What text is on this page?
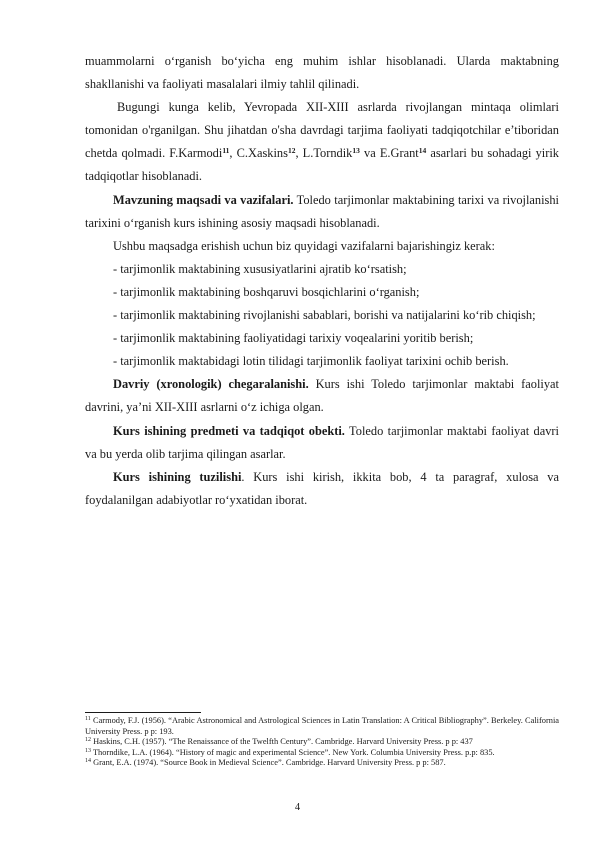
muammolarni o‘rganish bo‘yicha eng muhim ishlar hisoblanadi. Ularda maktabning shakllanishi va faoliyati masalalari ilmiy tahlil qilinadi.

Bugungi kunga kelib, Yevropada XII-XIII asrlarda rivojlangan mintaqa olimlari tomonidan o'rganilgan. Shu jihatdan o'sha davrdagi tarjima faoliyati tadqiqotchilar e’tiboridan chetda qolmadi. F.Karmodi$^{11}$, C.Xaskins$^{12}$, L.Torndik$^{13}$ va E.Grant$^{14}$ asarlari bu sohadagi yirik tadqiqotlar hisoblanadi.

Mavzuning maqsadi va vazifalari. Toledo tarjimonlar maktabining tarixi va rivojlanishi tarixini o‘rganish kurs ishining asosiy maqsadi hisoblanadi.

Ushbu maqsadga erishish uchun biz quyidagi vazifalarni bajarishingiz kerak:

- tarjimonlik maktabining xususiyatlarini ajratib ko‘rsatish;

- tarjimonlik maktabining boshqaruvi bosqichlarini o‘rganish;

- tarjimonlik maktabining rivojlanishi sabablari, borishi va natijalarini ko‘rib chiqish;

- tarjimonlik maktabining faoliyatidagi tarixiy voqealarini yoritib berish;

- tarjimonlik maktabidagi lotin tilidagi tarjimonlik faoliyat tarixini ochib berish.

Davriy (xronologik) chegaralanishi. Kurs ishi Toledo tarjimonlar maktabi faoliyat davrini, ya’ni XII-XIII asrlarni o‘z ichiga olgan.

Kurs ishining predmeti va tadqiqot obekti. Toledo tarjimonlar maktabi faoliyat davri va bu yerda olib tarjima qilingan asarlar.

Kurs ishining tuzilishi. Kurs ishi kirish, ikkita bob, 4 ta paragraf, xulosa va foydalanilgan adabiyotlar ro‘yxatidan iborat.

$^{11}$ Carmody, F.J. (1956). “Arabic Astronomical and Astrological Sciences in Latin Translation: A Critical Bibliography”. Berkeley. California University Press. p p: 193.

$^{12}$ Haskins, C.H. (1957). “The Renaissance of the Twelfth Century”. Cambridge. Harvard University Press. p p: 437

$^{13}$ Thorndike, L.A. (1964). “History of magic and experimental Science”. New York. Columbia University Press. p.p: 835.

$^{14}$ Grant, E.A. (1974). “Source Book in Medieval Science”. Cambridge. Harvard University Press. p p: 587.

4
